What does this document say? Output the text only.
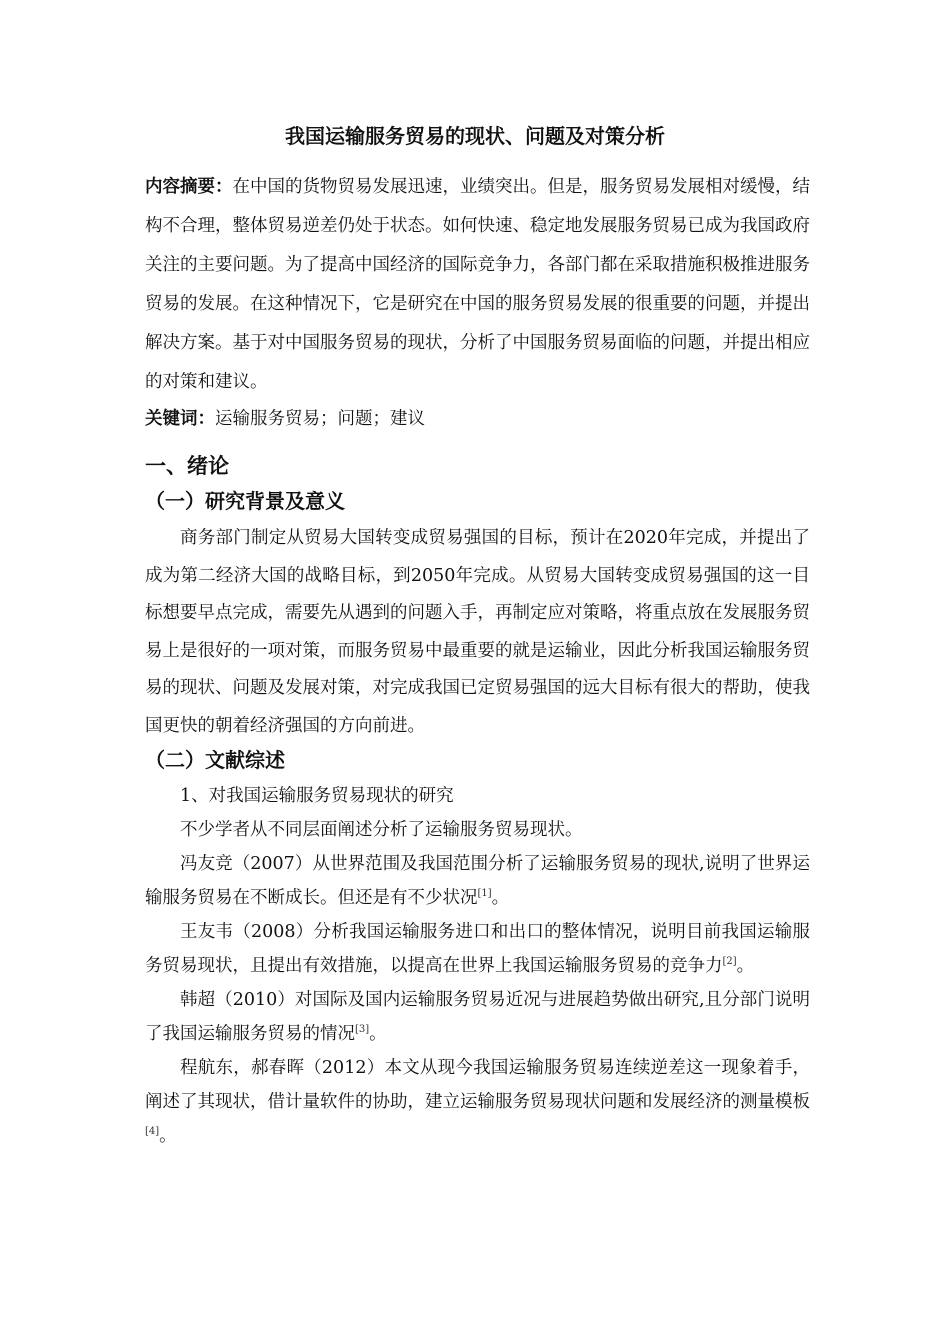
我国运输服务贸易的现状、问题及对策分析
内容摘要：在中国的货物贸易发展迅速，业绩突出。但是，服务贸易发展相对缓慢，结构不合理，整体贸易逆差仍处于状态。如何快速、稳定地发展服务贸易已成为我国政府关注的主要问题。为了提高中国经济的国际竞争力，各部门都在采取措施积极推进服务贸易的发展。在这种情况下，它是研究在中国的服务贸易发展的很重要的问题，并提出解决方案。基于对中国服务贸易的现状，分析了中国服务贸易面临的问题，并提出相应的对策和建议。
关键词：运输服务贸易；问题；建议
一、绪论
（一）研究背景及意义

商务部门制定从贸易大国转变成贸易强国的目标，预计在2020年完成，并提出了成为第二经济大国的战略目标，到2050年完成。从贸易大国转变成贸易强国的这一目标想要早点完成，需要先从遇到的问题入手，再制定应对策略，将重点放在发展服务贸易上是很好的一项对策，而服务贸易中最重要的就是运输业，因此分析我国运输服务贸易的现状、问题及发展对策，对完成我国已定贸易强国的远大目标有很大的帮助，使我国更快的朝着经济强国的方向前进。

（二）文献综述

1、对我国运输服务贸易现状的研究

不少学者从不同层面阐述分析了运输服务贸易现状。

冯友竞（2007）从世界范围及我国范围分析了运输服务贸易的现状,说明了世界运输服务贸易在不断成长。但还是有不少状况[1]。

王友韦（2008）分析我国运输服务进口和出口的整体情况，说明目前我国运输服务贸易现状，且提出有效措施，以提高在世界上我国运输服务贸易的竞争力[2]。

韩超（2010）对国际及国内运输服务贸易近况与进展趋势做出研究,且分部门说明了我国运输服务贸易的情况[3]。

程航东，郝春晖（2012）本文从现今我国运输服务贸易连续逆差这一现象着手，阐述了其现状，借计量软件的协助，建立运输服务贸易现状问题和发展经济的测量模板[4]。
